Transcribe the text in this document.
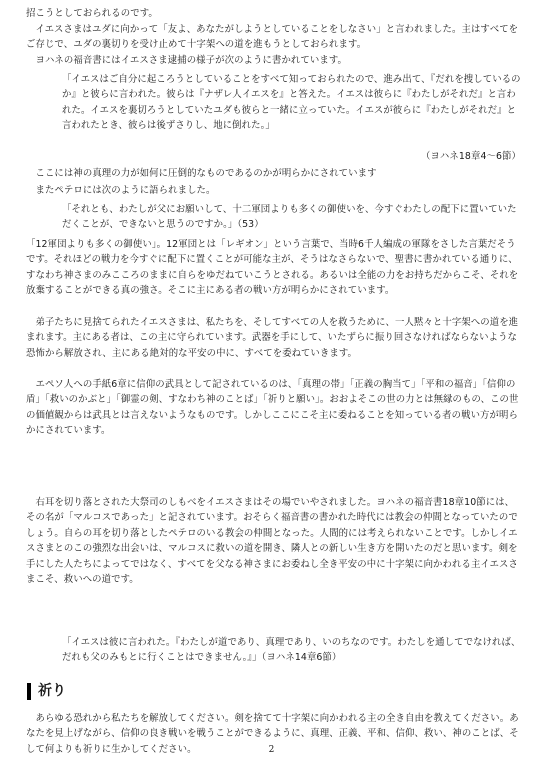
招こうとしておられるのです。

　イエスさまはユダに向かって「友よ、あなたがしようとしていることをしなさい」と言われました。主はすべてをご存じで、ユダの裏切りを受け止めて十字架への道を進もうとしておられます。

　ヨハネの福音書にはイエスさま逮捕の様子が次のように書かれています。

「イエスはご自分に起ころうとしていることをすべて知っておられたので、進み出て、『だれを捜しているのか』と彼らに言われた。彼らは『ナザレ人イエスを』と答えた。イエスは彼らに『わたしがそれだ』と言われた。イエスを裏切ろうとしていたユダも彼らと一緒に立っていた。イエスが彼らに『わたしがそれだ』と言われたとき、彼らは後ずさりし、地に倒れた。」

（ヨハネ18章4～6節）

　ここには神の真理の力が如何に圧倒的なものであるのかが明らかにされています

　またペテロには次のように語られました。

「それとも、わたしが父にお願いして、十二軍団よりも多くの御使いを、今すぐわたしの配下に置いていただくことが、できないと思うのですか。」（53）

「12軍団よりも多くの御使い」。12軍団とは「レギオン」という言葉で、当時6千人編成の軍隊をさした言葉だそうです。それほどの戦力を今すぐに配下に置くことが可能な主が、そうはなさらないで、聖書に書かれている通りに、すなわち神さまのみこころのままに自らをゆだねていこうとされる。あるいは全能の力をお持ちだからこそ、それを放棄することができる真の強さ。そこに主にある者の戦い方が明らかにされています。

　弟子たちに見捨てられたイエスさまは、私たちを、そしてすべての人を救うために、一人黙々と十字架への道を進まれます。主にある者は、この主に守られています。武器を手にして、いたずらに振り回さなければならないような恐怖から解放され、主にある絶対的な平安の中に、すべてを委ねていきます。

　エペソ人への手紙6章に信仰の武具として記されているのは、「真理の帯」「正義の胸当て」「平和の福音」「信仰の盾」「救いのかぶと」「御霊の剣、すなわち神のことば」「祈りと願い」。おおよそこの世の力とは無縁のもの、この世の価値観からは武具とは言えないようなものです。しかしここにこそ主に委ねることを知っている者の戦い方が明らかにされています。

　右耳を切り落とされた大祭司のしもべをイエスさまはその場でいやされました。ヨハネの福音書18章10節には、その名が「マルコスであった」と記されています。おそらく福音書の書かれた時代には教会の仲間となっていたのでしょう。自らの耳を切り落としたペテロのいる教会の仲間となった。人間的には考えられないことです。しかしイエスさまとのこの強烈な出会いは、マルコスに救いの道を開き、隣人との新しい生き方を開いたのだと思います。剣を手にした人たちによってではなく、すべてを父なる神さまにお委ねし全き平安の中に十字架に向かわれる主イエスさまこそ、救いへの道です。

「イエスは彼に言われた。『わたしが道であり、真理であり、いのちなのです。わたしを通してでなければ、だれも父のみもとに行くことはできません。』」（ヨハネ14章6節）

祈り

　あらゆる恐れから私たちを解放してください。剣を捨てて十字架に向かわれる主の全き自由を教えてください。あなたを見上げながら、信仰の良き戦いを戦うことができるように、真理、正義、平和、信仰、救い、神のことば、そして何よりも祈りに生かしてください。	2
